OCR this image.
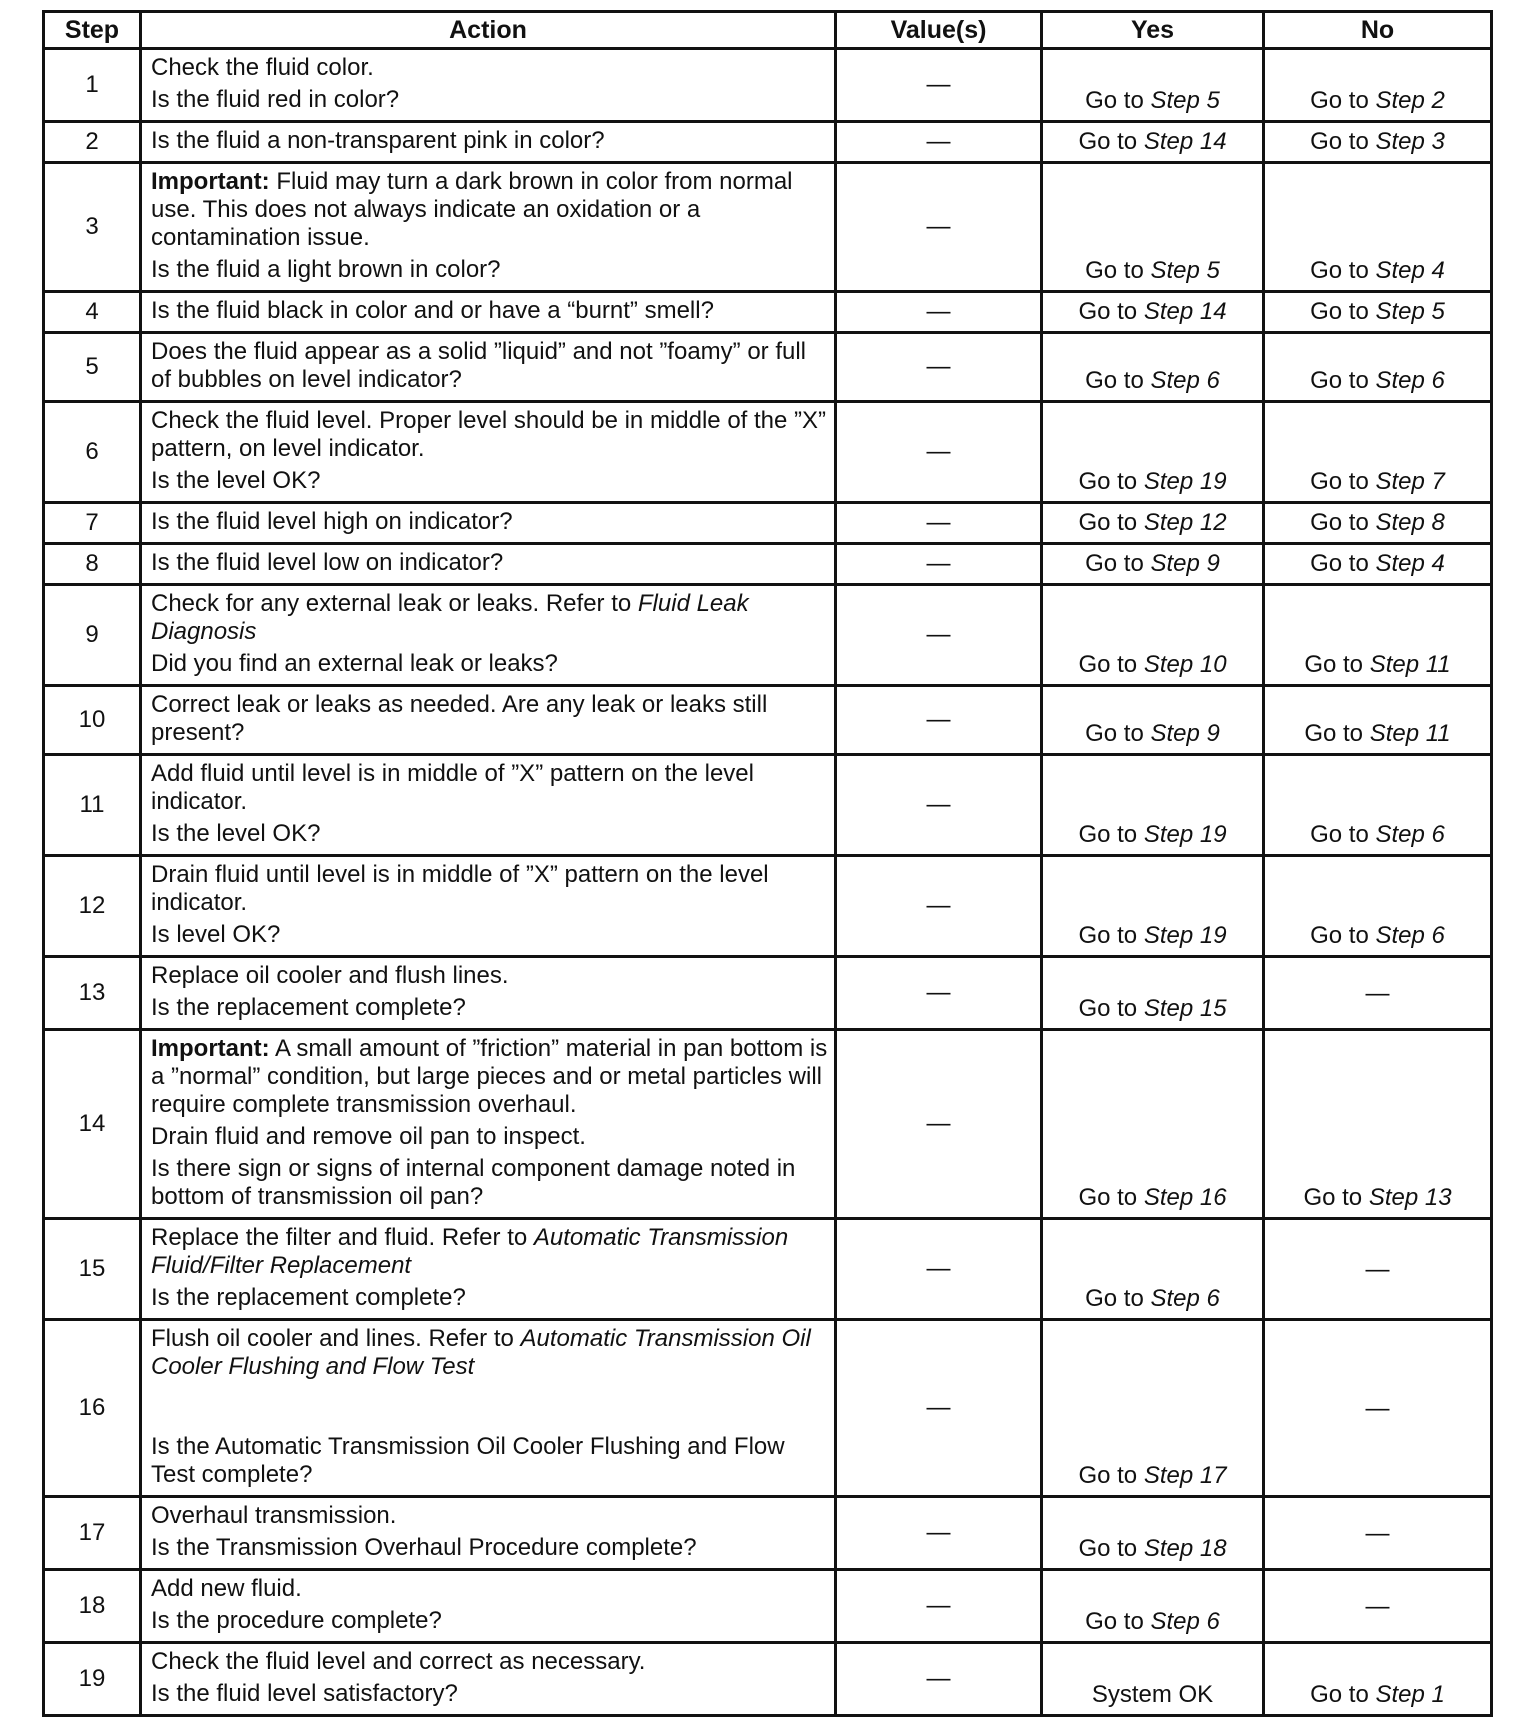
Step	Action	Value(s)	Yes	No
1	Check the fluid color.

Is the fluid red in color?	—	Go to Step 5	Go to Step 2
2	Is the fluid a non-transparent pink in color?	—	Go to Step 14	Go to Step 3
3	Important: Fluid may turn a dark brown in color from normal use. This does not always indicate an oxidation or a contamination issue.

Is the fluid a light brown in color?	—	Go to Step 5	Go to Step 4
4	Is the fluid black in color and or have a “burnt” smell?	—	Go to Step 14	Go to Step 5
5	Does the fluid appear as a solid ”liquid” and not ”foamy” or full of bubbles on level indicator?	—	Go to Step 6	Go to Step 6
6	Check the fluid level. Proper level should be in middle of the ”X” pattern, on level indicator.

Is the level OK?	—	Go to Step 19	Go to Step 7
7	Is the fluid level high on indicator?	—	Go to Step 12	Go to Step 8
8	Is the fluid level low on indicator?	—	Go to Step 9	Go to Step 4
9	Check for any external leak or leaks. Refer to Fluid Leak Diagnosis

Did you find an external leak or leaks?	—	Go to Step 10	Go to Step 11
10	Correct leak or leaks as needed. Are any leak or leaks still present?	—	Go to Step 9	Go to Step 11
11	Add fluid until level is in middle of ”X” pattern on the level indicator.

Is the level OK?	—	Go to Step 19	Go to Step 6
12	Drain fluid until level is in middle of ”X” pattern on the level indicator.

Is level OK?	—	Go to Step 19	Go to Step 6
13	Replace oil cooler and flush lines.

Is the replacement complete?	—	Go to Step 15	—
14	Important: A small amount of ”friction” material in pan bottom is a ”normal” condition, but large pieces and or metal particles will require complete transmission overhaul.

Drain fluid and remove oil pan to inspect.

Is there sign or signs of internal component damage noted in bottom of transmission oil pan?	—	Go to Step 16	Go to Step 13
15	Replace the filter and fluid. Refer to Automatic Transmission Fluid/Filter Replacement

Is the replacement complete?	—	Go to Step 6	—
16	Flush oil cooler and lines. Refer to Automatic Transmission Oil Cooler Flushing and Flow Test

Is the Automatic Transmission Oil Cooler Flushing and Flow Test complete?	—	Go to Step 17	—
17	Overhaul transmission.

Is the Transmission Overhaul Procedure complete?	—	Go to Step 18	—
18	Add new fluid.

Is the procedure complete?	—	Go to Step 6	—
19	Check the fluid level and correct as necessary.

Is the fluid level satisfactory?	—	System OK	Go to Step 1
